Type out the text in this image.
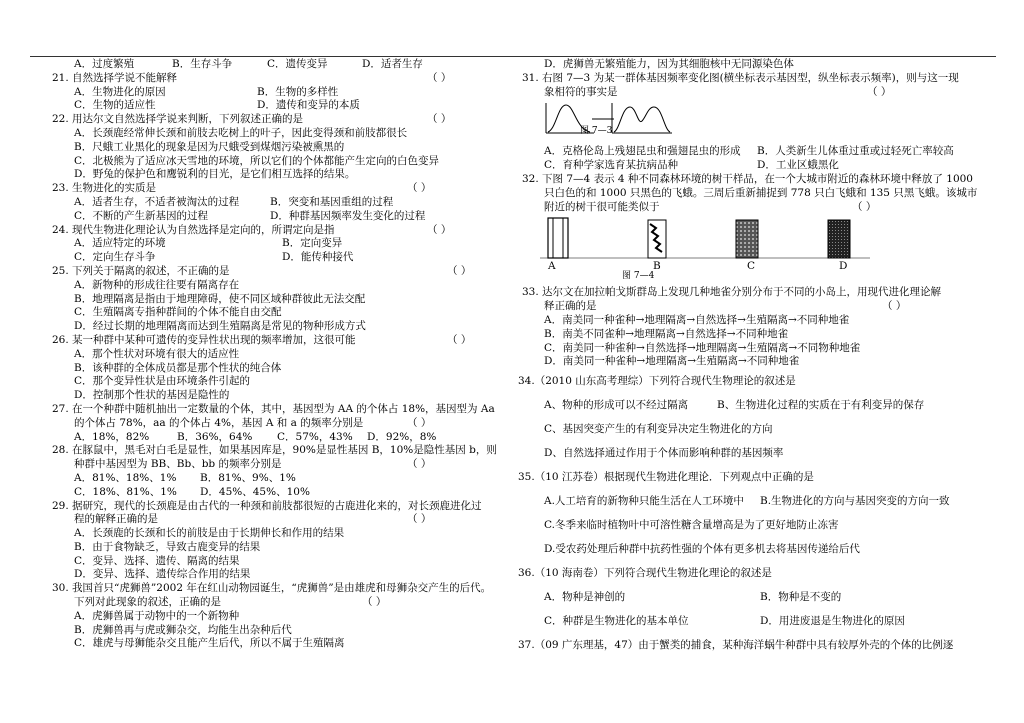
A．过度繁殖	B．生存斗争	C．遗传变异	D．适者生存
21. 自然选择学说不能解释	（ ）
A．生物进化的原因	B．生物的多样性
C．生物的适应性	D．遗传和变异的本质
22. 用达尔文自然选择学说来判断，下列叙述正确的是	（ ）
A．长颈鹿经常伸长颈和前肢去吃树上的叶子，因此变得颈和前肢都很长
B．尺蛾工业黑化的现象是因为尺蛾受到煤烟污染被熏黑的
C．北极熊为了适应冰天雪地的环境，所以它们的个体都能产生定向的白色变异
D．野兔的保护色和鹰锐利的目光，是它们相互选择的结果。
23. 生物进化的实质是	（ ）
A．适者生存，不适者被淘汰的过程	B．突变和基因重组的过程
C．不断的产生新基因的过程	D．种群基因频率发生变化的过程
24. 现代生物进化理论认为自然选择是定向的，所谓定向是指	（ ）
A．适应特定的环境	B．定向变异
C．定向生存斗争	D．能传种接代
25. 下列关于隔离的叙述，不正确的是	（ ）
A．新物种的形成往往要有隔离存在
B．地理隔离是指由于地理障碍，使不同区域种群彼此无法交配
C．生殖隔离专指种群间的个体不能自由交配
D．经过长期的地理隔离而达到生殖隔离是常见的物种形成方式
26. 某一种群中某种可遗传的变异性状出现的频率增加，这很可能	（ ）
A．那个性状对环境有很大的适应性
B．该种群的全体成员都是那个性状的纯合体
C．那个变异性状是由环境条件引起的
D．控制那个性状的基因是隐性的
27. 在一个种群中随机抽出一定数量的个体，其中，基因型为 AA 的个体占 18%，基因型为 Aa
的个体占 78%，aa 的个体占 4%，基因 A 和 a 的频率分别是	（ ）
A．18%，82%	B．36%，64% C．57%，43% D．92%，8%
28. 在豚鼠中，黑毛对白毛是显性，如果基因库是，90%是显性基因 B，10%是隐性基因 b，则
种群中基因型为 BB、Bb、bb 的频率分别是	（ ）
A．81%、18%、1% B．81%、9%、1%
C．18%、81%、1% D．45%、45%、10%
29. 据研究，现代的长颈鹿是由古代的一种颈和前肢都很短的古鹿进化来的，对长颈鹿进化过
程的解释正确的是	（ ）
A．长颈鹿的长颈和长的前肢是由于长期伸长和作用的结果
B．由于食物缺乏，导致古鹿变异的结果
C．变异、选择、遗传、隔离的结果
D．变异、选择、遗传综合作用的结果
30. 我国首只“虎狮兽”2002 年在红山动物园诞生，“虎狮兽”是由雄虎和母狮杂交产生的后代。
下列对此现象的叙述，正确的是	（ ）
A．虎狮兽属于动物中的一个新物种
B．虎狮兽再与虎或狮杂交，均能生出杂种后代
C．雄虎与母狮能杂交且能产生后代，所以不属于生殖隔离
D．虎狮兽无繁殖能力，因为其细胞核中无同源染色体
31. 右图 7—3 为某一群体基因频率变化图(横坐标表示基因型，纵坐标表示频率)，则与这一现
象相符的事实是	（ ）
图 7—3
A．克格伦岛上残翅昆虫和强翅昆虫的形成 B．人类新生儿体重过重或过轻死亡率较高
C．育种学家选育某抗病品种	D．工业区蛾黑化
32. 下图 7—4 表示 4 种不同森林环境的树干样品，在一个大城市附近的森林环境中释放了 1000
只白色的和 1000 只黑色的飞蛾。三周后重新捕捉到 778 只白飞蛾和 135 只黑飞蛾。该城市
附近的树干很可能类似于	（ ）
A	B	C	D
图 7—4
33. 达尔文在加拉帕戈斯群岛上发现几种地雀分别分布于不同的小岛上，用现代进化理论解
释正确的是	（ ）
A．南美同一种雀种→地理隔离→自然选择→生殖隔离→不同种地雀
B．南美不同雀种→地理隔离→自然选择→不同种地雀
C．南美同一种雀种→自然选择→地理隔离→生殖隔离→不同物种地雀
D．南美同一种雀种→地理隔离→生殖隔离→不同种地雀
34.（2010 山东高考理综）下列符合现代生物理论的叙述是
A、物种的形成可以不经过隔离	B、生物进化过程的实质在于有利变异的保存
C、基因突变产生的有利变异决定生物进化的方向
D、自然选择通过作用于个体而影响种群的基因频率
35.（10 江苏卷）根据现代生物进化理论．下列观点中正确的是
A.人工培育的新物种只能生活在人工环境中 B.生物进化的方向与基因突变的方向一致
C.冬季来临时植物叶中可溶性糖含量增高是为了更好地防止冻害
D.受农药处理后种群中抗药性强的个体有更多机去将基因传递给后代
36.（10 海南卷）下列符合现代生物进化理论的叙述是
A．物种是神创的	B．物种是不变的
C．种群是生物进化的基本单位	D．用进废退是生物进化的原因
37.（09 广东理基，47）由于蟹类的捕食，某种海洋蜗牛种群中具有较厚外壳的个体的比例逐
